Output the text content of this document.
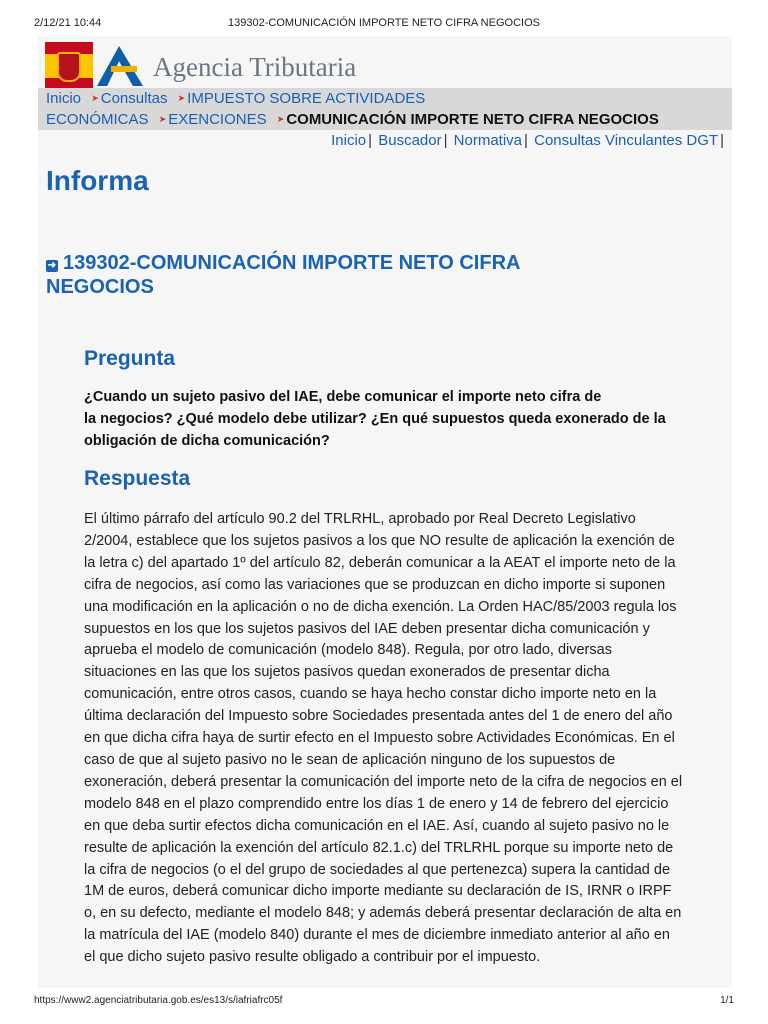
2/12/21 10:44	139302-COMUNICACIÓN IMPORTE NETO CIFRA NEGOCIOS
Agencia Tributaria
Inicio ➤ Consultas ➤ IMPUESTO SOBRE ACTIVIDADES
ECONÓMICAS ➤ EXENCIONES ➤ COMUNICACIÓN IMPORTE NETO CIFRA NEGOCIOS
Inicio | Buscador | Normativa | Consultas Vinculantes DGT |
Informa
➜ 139302-COMUNICACIÓN IMPORTE NETO CIFRA
NEGOCIOS
Pregunta
¿Cuando un sujeto pasivo del IAE, debe comunicar el importe neto cifra de
la negocios? ¿Qué modelo debe utilizar? ¿En qué supuestos queda exonerado de la
obligación de dicha comunicación?
Respuesta
El último párrafo del artículo 90.2 del TRLRHL, aprobado por Real Decreto Legislativo
2/2004, establece que los sujetos pasivos a los que NO resulte de aplicación la exención de
la letra c) del apartado 1º del artículo 82, deberán comunicar a la AEAT el importe neto de la
cifra de negocios, así como las variaciones que se produzcan en dicho importe si suponen
una modificación en la aplicación o no de dicha exención. La Orden HAC/85/2003 regula los
supuestos en los que los sujetos pasivos del IAE deben presentar dicha comunicación y
aprueba el modelo de comunicación (modelo 848). Regula, por otro lado, diversas
situaciones en las que los sujetos pasivos quedan exonerados de presentar dicha
comunicación, entre otros casos, cuando se haya hecho constar dicho importe neto en la
última declaración del Impuesto sobre Sociedades presentada antes del 1 de enero del año
en que dicha cifra haya de surtir efecto en el Impuesto sobre Actividades Económicas. En el
caso de que al sujeto pasivo no le sean de aplicación ninguno de los supuestos de
exoneración, deberá presentar la comunicación del importe neto de la cifra de negocios en el
modelo 848 en el plazo comprendido entre los días 1 de enero y 14 de febrero del ejercicio
en que deba surtir efectos dicha comunicación en el IAE. Así, cuando al sujeto pasivo no le
resulte de aplicación la exención del artículo 82.1.c) del TRLRHL porque su importe neto de
la cifra de negocios (o el del grupo de sociedades al que pertenezca) supera la cantidad de
1M de euros, deberá comunicar dicho importe mediante su declaración de IS, IRNR o IRPF
o, en su defecto, mediante el modelo 848; y además deberá presentar declaración de alta en
la matrícula del IAE (modelo 840) durante el mes de diciembre inmediato anterior al año en
el que dicho sujeto pasivo resulte obligado a contribuir por el impuesto.
https://www2.agenciatributaria.gob.es/es13/s/iafriafrc05f	1/1
